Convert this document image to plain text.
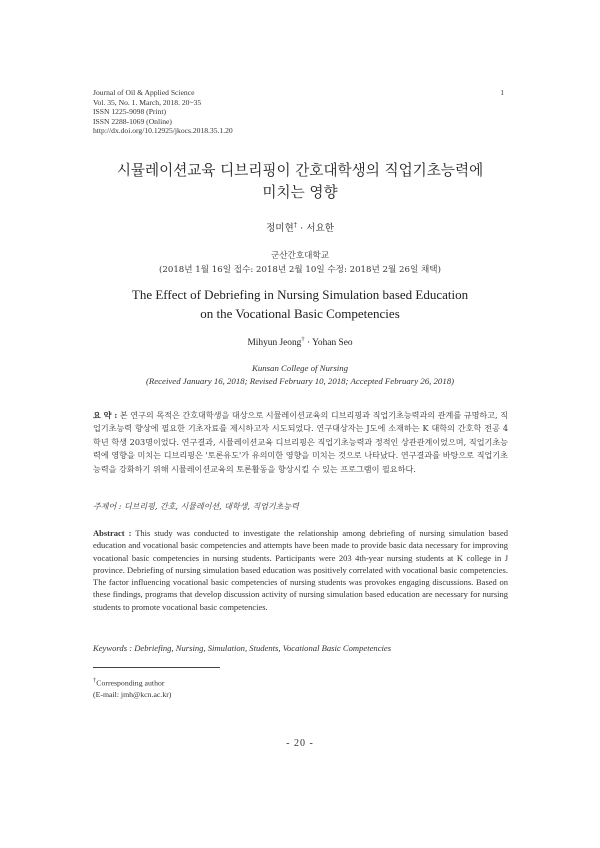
Journal of Oil & Applied Science
Vol. 35, No. 1. March, 2018. 20~35
ISSN 1225-9098 (Print)
ISSN 2288-1069 (Online)
http://dx.doi.org/10.12925/jkocs.2018.35.1.20
1
시뮬레이션교육 디브리핑이 간호대학생의 직업기초능력에
미치는 영향
정미현† · 서요한
군산간호대학교
(2018년 1월 16일 접수: 2018년 2월 10일 수정: 2018년 2월 26일 채택)
The Effect of Debriefing in Nursing Simulation based Education
on the Vocational Basic Competencies
Mihyun Jeong† · Yohan Seo
Kunsan College of Nursing
(Received January 16, 2018; Revised February 10, 2018; Accepted February 26, 2018)
요 약 : 본 연구의 목적은 간호대학생을 대상으로 시뮬레이션교육의 디브리핑과 직업기초능력과의 관계를 규명하고, 직업기초능력 향상에 필요한 기초자료를 제시하고자 시도되었다. 연구대상자는 J도에 소재하는 K 대학의 간호학 전공 4학년 학생 203명이었다. 연구결과, 시뮬레이션교육 디브리핑은 직업기초능력과 정적인 상관관계이었으며, 직업기초능력에 영향을 미치는 디브리핑은 '토론유도'가 유의미한 영향을 미치는 것으로 나타났다. 연구결과를 바탕으로 직업기초능력을 강화하기 위해 시뮬레이션교육의 토론활동을 향상시킬 수 있는 프로그램이 필요하다.
주제어 : 디브리핑, 간호, 시뮬레이션, 대학생, 직업기초능력
Abstract : This study was conducted to investigate the relationship among debriefing of nursing simulation based education and vocational basic competencies and attempts have been made to provide basic data necessary for improving vocational basic competencies in nursing students. Participants were 203 4th-year nursing students at K college in J province. Debriefing of nursing simulation based education was positively correlated with vocational basic competencies. The factor influencing vocational basic competencies of nursing students was provokes engaging discussions. Based on these findings, programs that develop discussion activity of nursing simulation based education are necessary for nursing students to promote vocational basic competencies.
Keywords : Debriefing, Nursing, Simulation, Students, Vocational Basic Competencies
†Corresponding author
(E-mail: jmh@kcn.ac.kr)
- 20 -
